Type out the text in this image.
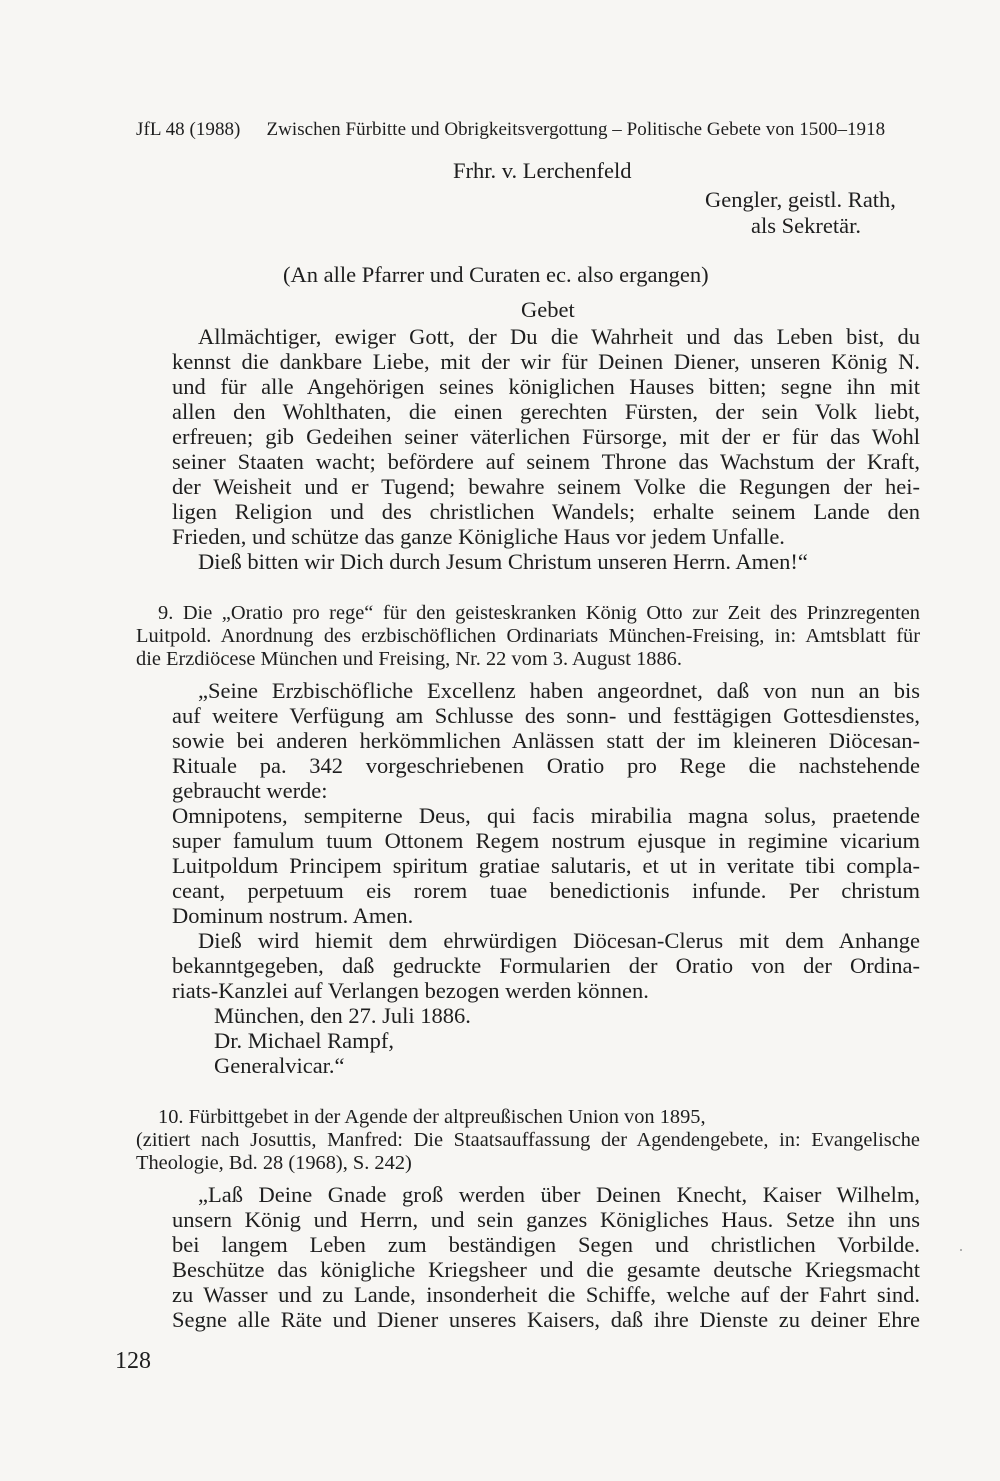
JfL 48 (1988) Zwischen Fürbitte und Obrigkeitsvergottung – Politische Gebete von 1500–1918
Frhr. v. Lerchenfeld
Gengler, geistl. Rath,
als Sekretär.
(An alle Pfarrer und Curaten ec. also ergangen)
Gebet
Allmächtiger, ewiger Gott, der Du die Wahrheit und das Leben bist, du
kennst die dankbare Liebe, mit der wir für Deinen Diener, unseren König N.
und für alle Angehörigen seines königlichen Hauses bitten; segne ihn mit
allen den Wohlthaten, die einen gerechten Fürsten, der sein Volk liebt,
erfreuen; gib Gedeihen seiner väterlichen Fürsorge, mit der er für das Wohl
seiner Staaten wacht; befördere auf seinem Throne das Wachstum der Kraft,
der Weisheit und er Tugend; bewahre seinem Volke die Regungen der hei-
ligen Religion und des christlichen Wandels; erhalte seinem Lande den
Frieden, und schütze das ganze Königliche Haus vor jedem Unfalle.
Dieß bitten wir Dich durch Jesum Christum unseren Herrn. Amen!“
9. Die „Oratio pro rege“ für den geisteskranken König Otto zur Zeit des Prinzregenten
Luitpold. Anordnung des erzbischöflichen Ordinariats München-Freising, in: Amtsblatt für
die Erzdiöcese München und Freising, Nr. 22 vom 3. August 1886.
„Seine Erzbischöfliche Excellenz haben angeordnet, daß von nun an bis
auf weitere Verfügung am Schlusse des sonn- und festtägigen Gottesdienstes,
sowie bei anderen herkömmlichen Anlässen statt der im kleineren Diöcesan-
Rituale pa. 342 vorgeschriebenen Oratio pro Rege die nachstehende
gebraucht werde:
Omnipotens, sempiterne Deus, qui facis mirabilia magna solus, praetende
super famulum tuum Ottonem Regem nostrum ejusque in regimine vicarium
Luitpoldum Principem spiritum gratiae salutaris, et ut in veritate tibi compla-
ceant, perpetuum eis rorem tuae benedictionis infunde. Per christum
Dominum nostrum. Amen.
Dieß wird hiemit dem ehrwürdigen Diöcesan-Clerus mit dem Anhange
bekanntgegeben, daß gedruckte Formularien der Oratio von der Ordina-
riats-Kanzlei auf Verlangen bezogen werden können.
München, den 27. Juli 1886.
Dr. Michael Rampf,
Generalvicar.“
10. Fürbittgebet in der Agende der altpreußischen Union von 1895,
(zitiert nach Josuttis, Manfred: Die Staatsauffassung der Agendengebete, in: Evangelische
Theologie, Bd. 28 (1968), S. 242)
„Laß Deine Gnade groß werden über Deinen Knecht, Kaiser Wilhelm,
unsern König und Herrn, und sein ganzes Königliches Haus. Setze ihn uns
bei langem Leben zum beständigen Segen und christlichen Vorbilde.
Beschütze das königliche Kriegsheer und die gesamte deutsche Kriegsmacht
zu Wasser und zu Lande, insonderheit die Schiffe, welche auf der Fahrt sind.
Segne alle Räte und Diener unseres Kaisers, daß ihre Dienste zu deiner Ehre
128
